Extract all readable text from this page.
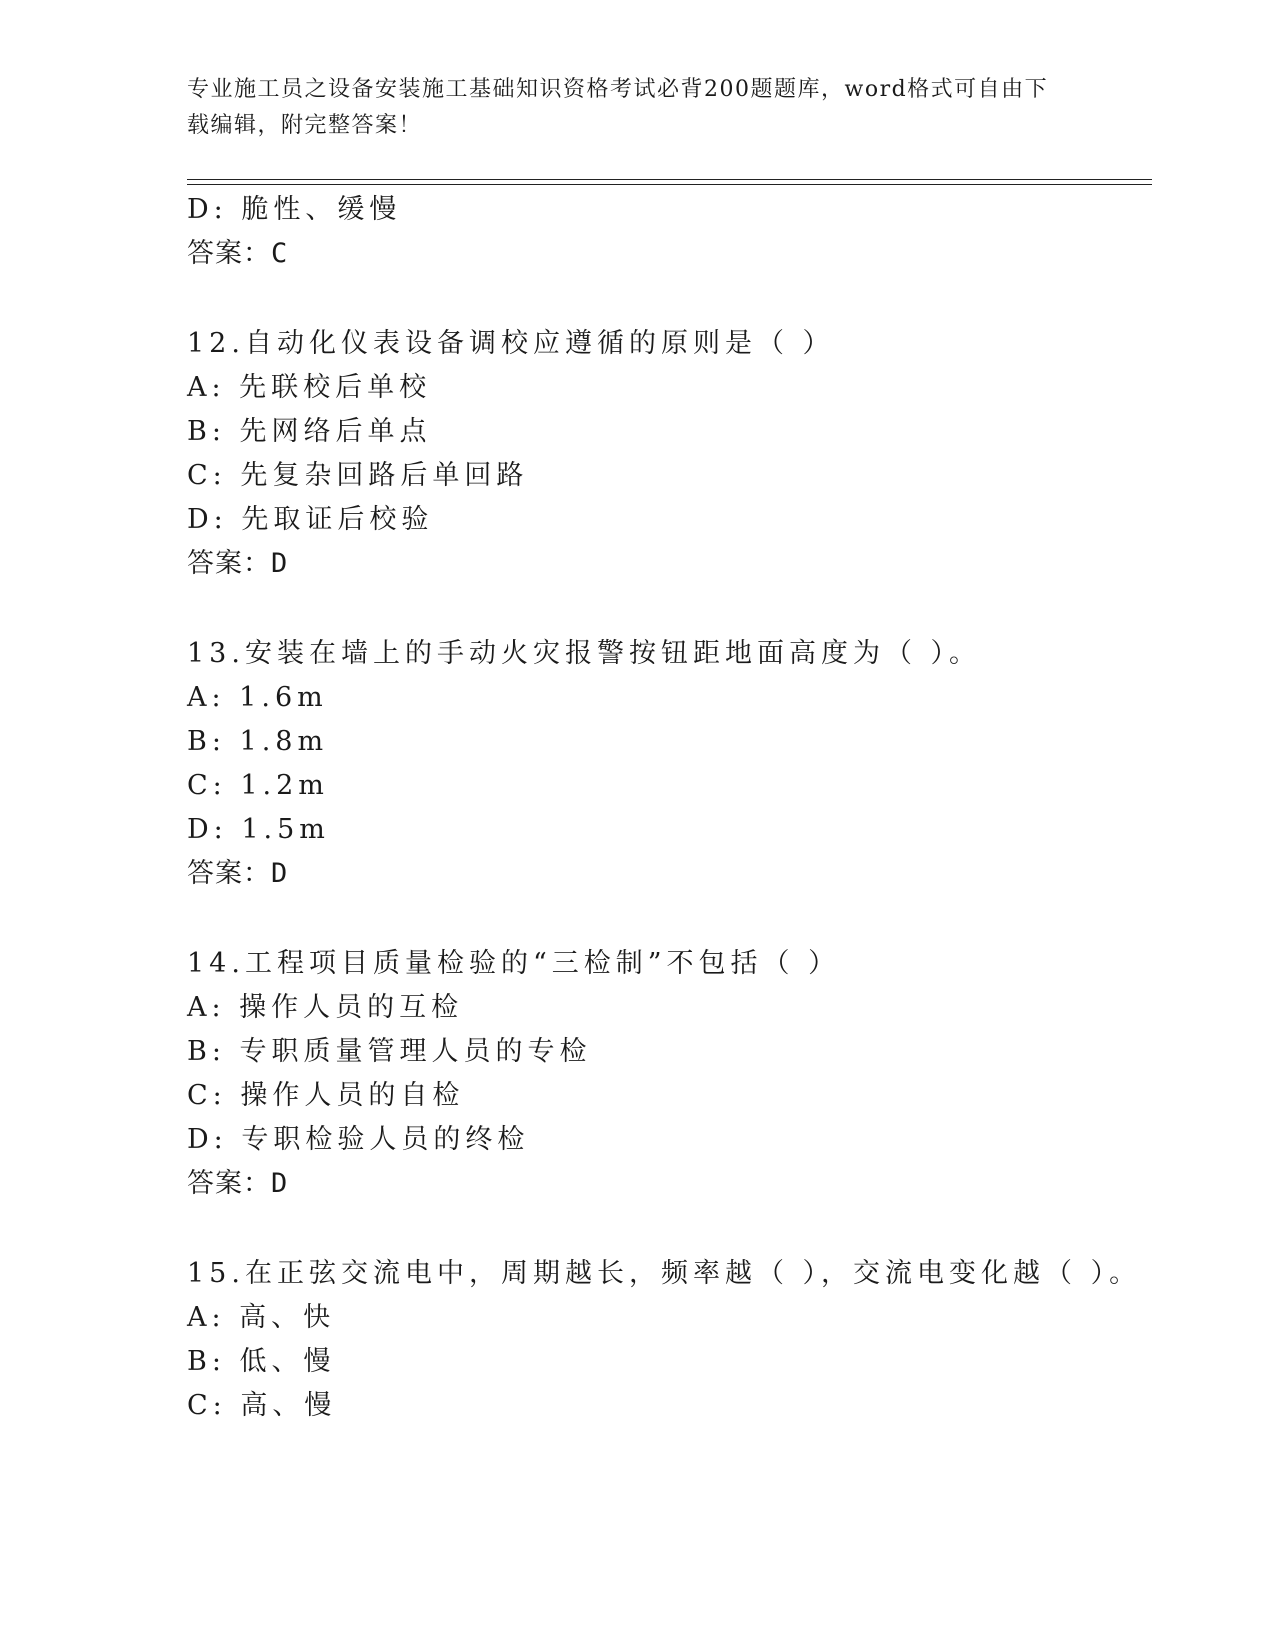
专业施工员之设备安装施工基础知识资格考试必背200题题库，word格式可自由下载编辑，附完整答案！
D: 脆性、缓慢
答案：C
12.自动化仪表设备调校应遵循的原则是（ ）
A: 先联校后单校
B: 先网络后单点
C: 先复杂回路后单回路
D: 先取证后校验
答案：D
13.安装在墙上的手动火灾报警按钮距地面高度为（ ）。
A: 1.6m
B: 1.8m
C: 1.2m
D: 1.5m
答案：D
14.工程项目质量检验的“三检制”不包括（ ）
A: 操作人员的互检
B: 专职质量管理人员的专检
C: 操作人员的自检
D: 专职检验人员的终检
答案：D
15.在正弦交流电中，周期越长，频率越（ ），交流电变化越（ ）。
A: 高、快
B: 低、慢
C: 高、慢
